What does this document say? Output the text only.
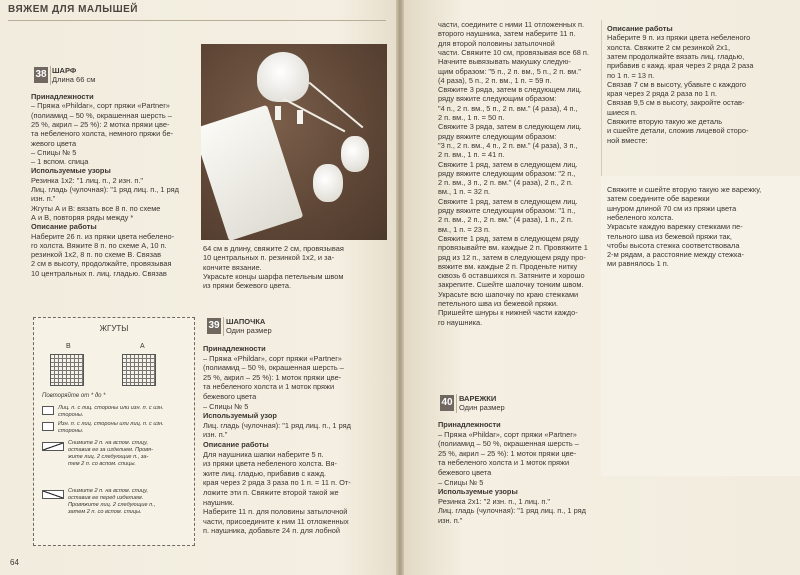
ВЯЖЕМ ДЛЯ МАЛЫШЕЙ
38 ШАРФ
Длина 66 см
Принадлежности
– Пряжа «Phildar», сорт пряжи «Partner»
(полиамид – 50 %, окрашенная шерсть –
25 %, акрил – 25 %): 2 мотка пряжи цве-
та небеленого холста, немного пряжи бе-
жевого цвета
– Спицы № 5
– 1 вспом. спица
Используемые узоры
Резинка 1х2: "1 лиц. п., 2 изн. п."
Лиц. гладь (чулочная): "1 ряд лиц. п., 1 ряд
изн. п."
Жгуты А и В: вязать все 8 п. по схеме
А и В, повторяя ряды между *
Описание работы
Наберите 26 п. из пряжи цвета небелено-
го холста. Вяжите 8 п. по схеме А, 10 п.
резинкой 1х2, 8 п. по схеме В. Связав
2 см в высоту, продолжайте, провязывая
10 центральных п. лиц. гладью. Связав
64 см в длину, свяжите 2 см, провязывая
10 центральных п. резинкой 1х2, и за-
кончите вязание.
Украсьте концы шарфа петельным швом
из пряжи бежевого цвета.
39 ШАПОЧКА
Один размер
Принадлежности
– Пряжа «Phildar», сорт пряжи «Partner»
(полиамид – 50 %, окрашенная шерсть –
25 %, акрил – 25 %): 1 моток пряжи цве-
та небеленого холста и 1 моток пряжи
бежевого цвета
– Спицы № 5
Используемый узор
Лиц. гладь (чулочная): "1 ряд лиц. п., 1 ряд
изн. п."
Описание работы
Для наушника шапки наберите 5 п.
из пряжи цвета небеленого холста. Вя-
жите лиц. гладью, прибавив с кажд.
края через 2 ряда 3 раза по 1 п. = 11 п. От-
ложите эти п. Свяжите второй такой же
наушник.
Наберите 11 п. для половины затылочной
части, присоедините к ним 11 отложенных
п. наушника, добавьте 24 п. для лобной
ЖГУТЫ
В	А
Повторяйте от * до *
Лиц. п. с лиц. стороны или изн. п. с изн.
стороны.
Изн. п. с лиц. стороны или лиц. п. с изн.
стороны.
Снимите 2 п. на вспом. спицу,
оставив ее за изделием. Провя-
жите лиц. 2 следующие п., за-
тем 2 п. со вспом. спицы.
Снимите 2 п. на вспом. спицу,
оставив ее перед изделием.
Провяжите лиц. 2 следующие п.,
затем 2 п. со вспом. спицы.
64
части, соедините с ними 11 отложенных п.
второго наушника, затем наберите 11 п.
для второй половины затылочной
части. Свяжите 10 см, провязывая все 68 п.
Начните вывязывать макушку следую-
щим образом: "5 п., 2 п. вм., 5 п., 2 п. вм."
(4 раза), 5 п., 2 п. вм., 1 п. = 59 п.
Свяжите 3 ряда, затем в следующем лиц.
ряду вяжите следующим образом:
"4 п., 2 п. вм., 5 п., 2 п. вм." (4 раза), 4 п.,
2 п. вм., 1 п. = 50 п.
Свяжите 3 ряда, затем в следующем лиц.
ряду вяжите следующим образом:
"3 п., 2 п. вм., 4 п., 2 п. вм." (4 раза), 3 п.,
2 п. вм., 1 п. = 41 п.
Свяжите 1 ряд, затем в следующем лиц.
ряду вяжите следующим образом: "2 п.,
2 п. вм., 3 п., 2 п. вм." (4 раза), 2 п., 2 п.
вм., 1 п. = 32 п.
Свяжите 1 ряд, затем в следующем лиц.
ряду вяжите следующим образом: "1 п.,
2 п. вм., 2 п., 2 п. вм." (4 раза), 1 п., 2 п.
вм., 1 п. = 23 п.
Свяжите 1 ряд, затем в следующем ряду
провязывайте вм. каждые 2 п. Провяжите 1
ряд из 12 п., затем в следующем ряду про-
вяжите вм. каждые 2 п. Проденьте нитку
сквозь 6 оставшихся п. Затяните и хорошо
закрепите. Сшейте шапочку тонким швом.
Украсьте всю шапочку по краю стежками
петельного шва из бежевой пряжи.
Пришейте шнуры к нижней части каждо-
го наушника.
Описание работы
Наберите 9 п. из пряжи цвета небеленого
холста. Свяжите 2 см резинкой 2х1,
затем продолжайте вязать лиц. гладью,
прибавив с кажд. края через 2 ряда 2 раза
по 1 п. = 13 п.
Связав 7 см в высоту, убавьте с каждого
края через 2 ряда 2 раза по 1 п.
Связав 9,5 см в высоту, закройте остав-
шиеся п.
Свяжите вторую такую же деталь
и сшейте детали, сложив лицевой сторо-
ной вместе:
Свяжите и сшейте вторую такую же варежку,
затем соедините обе варежки
шнуром длиной 70 см из пряжи цвета
небеленого холста.
Украсьте каждую варежку стежками пе-
тельного шва из бежевой пряжи так,
чтобы высота стежка соответствовала
2-м рядам, а расстояние между стежка-
ми равнялось 1 п.
40 ВАРЕЖКИ
Один размер
Принадлежности
– Пряжа «Phildar», сорт пряжи «Partner»
(полиамид – 50 %, окрашенная шерсть –
25 %, акрил – 25 %): 1 моток пряжи цве-
та небеленого холста и 1 моток пряжи
бежевого цвета
– Спицы № 5
Используемые узоры
Резинка 2х1: "2 изн. п., 1 лиц. п."
Лиц. гладь (чулочная): "1 ряд лиц. п., 1 ряд
изн. п."
